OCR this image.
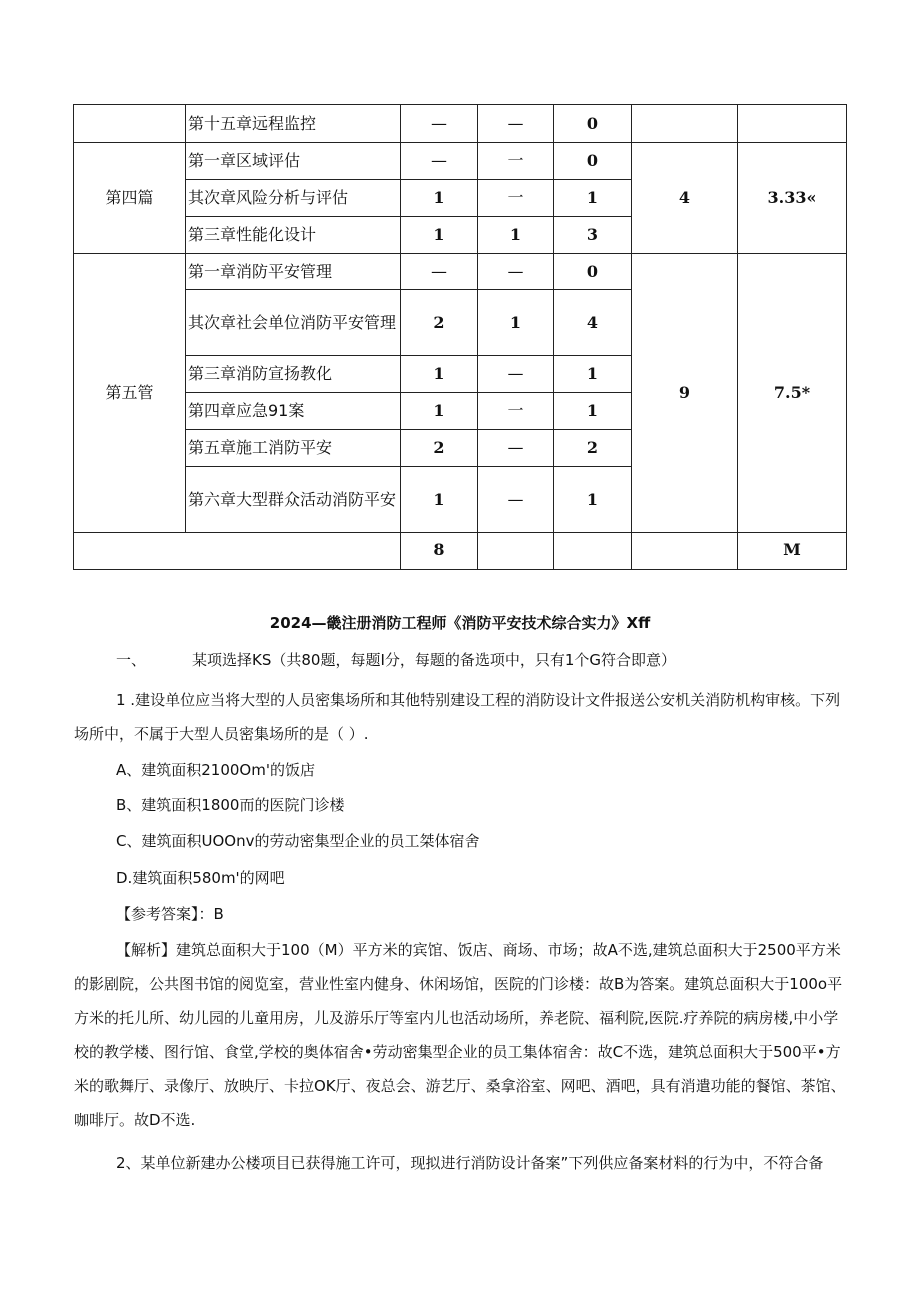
	第十五章远程监控	—	—	0		
第四篇	第一章区域评估	—	一	0	4	3.33«
	其次章风险分析与评估	1	一	1		
	第三章性能化设计	1	1	3		
第五管	第一章消防平安管理	—	—	0	9	7.5*

	其次章社会单位消防平安管理	2	1	4		
	第三章消防宣扬教化	1	—	1		
	第四章应急91案	1	一	1		
	第五章施工消防平安	2	—	2		

	第六章大型群众活动消防平安	1	—	1		
		8				M
2024—畿注册消防工程师《消防平安技术综合实力》Xff
一、	某项选择KS（共80题，每题I分，每题的备选项中，只有1个G符合即意）

1 .建设单位应当将大型的人员密集场所和其他特别建设工程的消防设计文件报送公安机关消防机构审核。下列场所中，不属于大型人员密集场所的是（ ）.

A、建筑面积2100Om'的饭店
B、建筑面积1800而的医院门诊楼
C、建筑面积UOOnv的劳动密集型企业的员工桀体宿舍
D.建筑面积580m'的网吧
【参考答案】：B

【解析】建筑总面积大于100（M）平方米的宾馆、饭店、商场、市场；故A不选,建筑总面积大于2500平方米的影剧院，公共图书馆的阅览室，营业性室内健身、休闲场馆，医院的门诊楼：故B为答案。建筑总面积大于100o平方米的托儿所、幼儿园的儿童用房，儿及游乐厅等室内儿也活动场所，养老院、福利院,医院.疗养院的病房楼,中小学校的教学楼、图行馆、食堂,学校的奥体宿舍•劳动密集型企业的员工集体宿舍：故C不选，建筑总面积大于500平•方米的歌舞厅、录像厅、放映厅、卡拉OK厅、夜总会、游艺厅、桑拿浴室、网吧、酒吧，具有消遣功能的餐馆、茶馆、咖啡厅。故D不选.

2、某单位新建办公楼项目已获得施工许可，现拟进行消防设计备案”下列供应备案材料的行为中，不符合备
